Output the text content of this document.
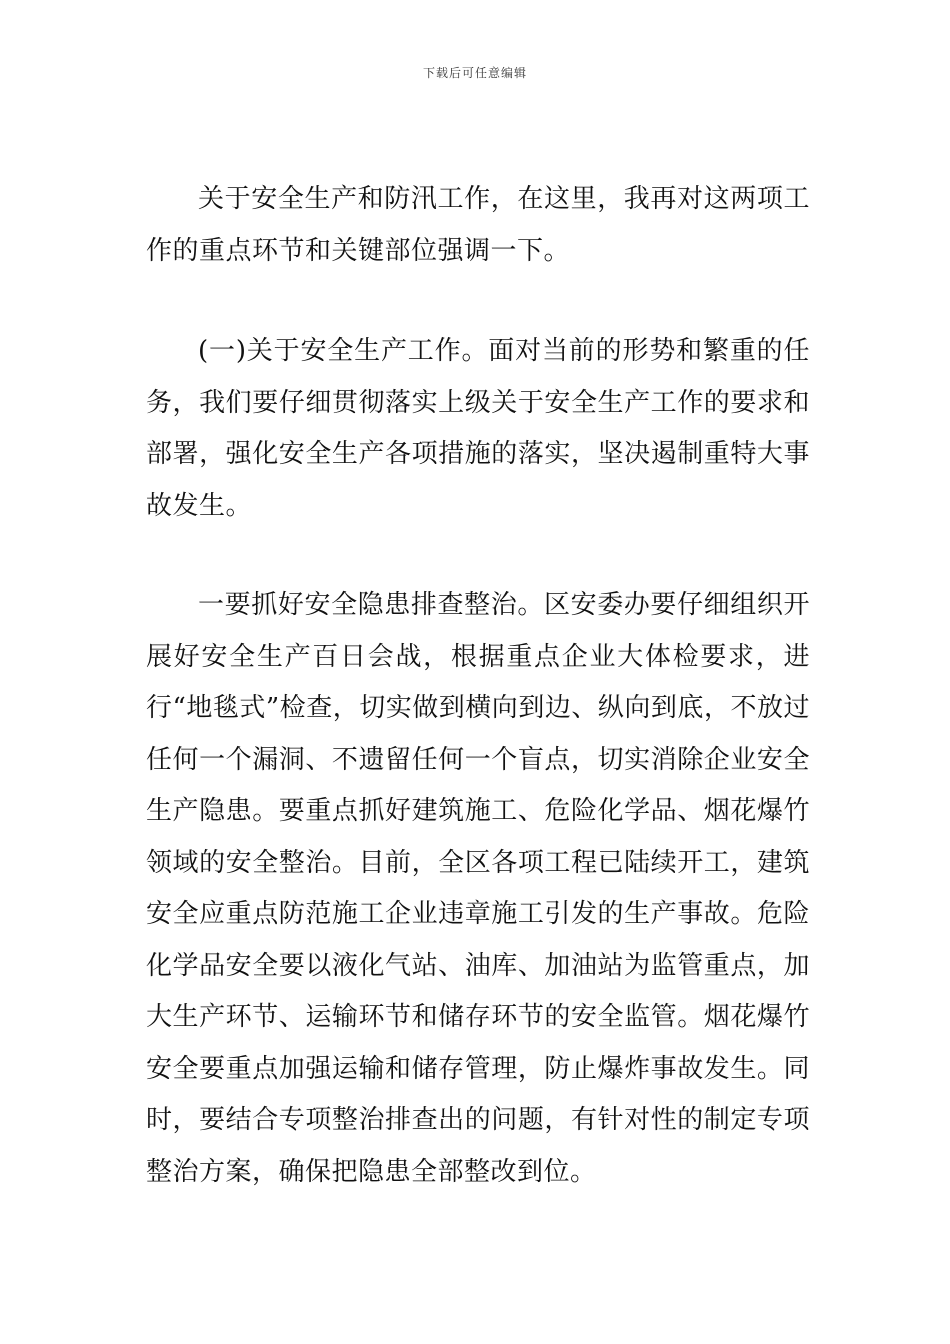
下载后可任意编辑

关于安全生产和防汛工作，在这里，我再对这两项工作的重点环节和关键部位强调一下。

(一)关于安全生产工作。面对当前的形势和繁重的任务，我们要仔细贯彻落实上级关于安全生产工作的要求和部署，强化安全生产各项措施的落实，坚决遏制重特大事故发生。

一要抓好安全隐患排查整治。区安委办要仔细组织开展好安全生产百日会战，根据重点企业大体检要求，进行“地毯式”检查，切实做到横向到边、纵向到底，不放过任何一个漏洞、不遗留任何一个盲点，切实消除企业安全生产隐患。要重点抓好建筑施工、危险化学品、烟花爆竹领域的安全整治。目前，全区各项工程已陆续开工，建筑安全应重点防范施工企业违章施工引发的生产事故。危险化学品安全要以液化气站、油库、加油站为监管重点，加大生产环节、运输环节和储存环节的安全监管。烟花爆竹安全要重点加强运输和储存管理，防止爆炸事故发生。同时，要结合专项整治排查出的问题，有针对性的制定专项整治方案，确保把隐患全部整改到位。
